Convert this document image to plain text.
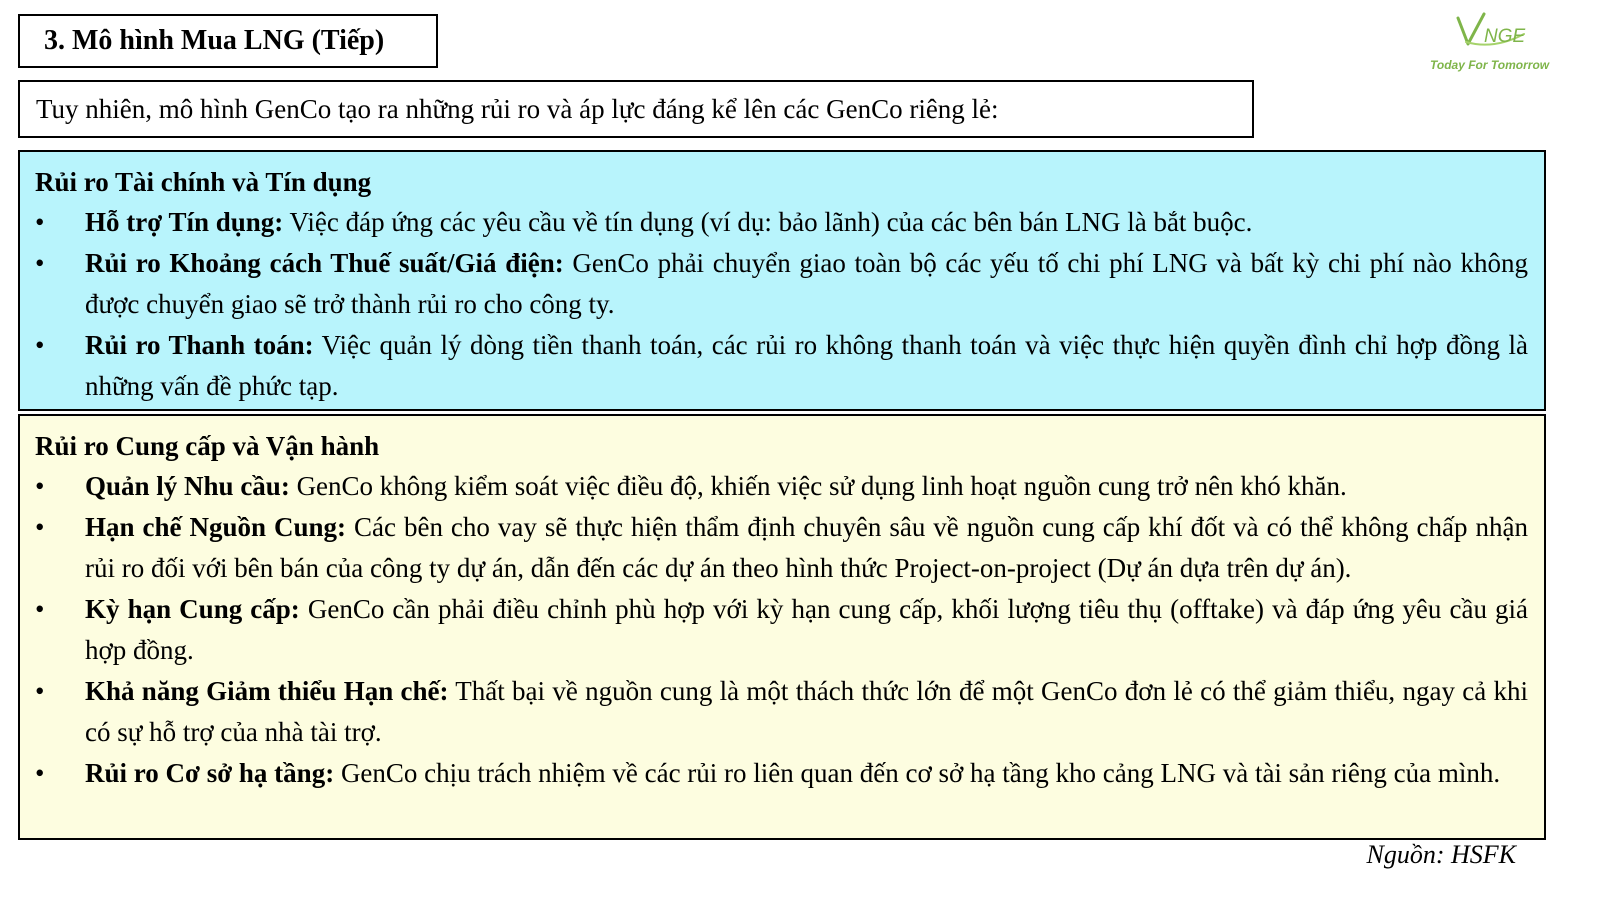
3. Mô hình Mua LNG (Tiếp)	NGE
Today For Tomorrow
Tuy nhiên, mô hình GenCo tạo ra những rủi ro và áp lực đáng kể lên các GenCo riêng lẻ:
Rủi ro Tài chính và Tín dụng
•	Hỗ trợ Tín dụng: Việc đáp ứng các yêu cầu về tín dụng (ví dụ: bảo lãnh) của các bên bán LNG là bắt buộc.
•	Rủi ro Khoảng cách Thuế suất/Giá điện: GenCo phải chuyển giao toàn bộ các yếu tố chi phí LNG và bất kỳ chi phí nào không được chuyển giao sẽ trở thành rủi ro cho công ty.
•	Rủi ro Thanh toán: Việc quản lý dòng tiền thanh toán, các rủi ro không thanh toán và việc thực hiện quyền đình chỉ hợp đồng là những vấn đề phức tạp.
Rủi ro Cung cấp và Vận hành
•	Quản lý Nhu cầu: GenCo không kiểm soát việc điều độ, khiến việc sử dụng linh hoạt nguồn cung trở nên khó khăn.
•	Hạn chế Nguồn Cung: Các bên cho vay sẽ thực hiện thẩm định chuyên sâu về nguồn cung cấp khí đốt và có thể không chấp nhận rủi ro đối với bên bán của công ty dự án, dẫn đến các dự án theo hình thức Project-on-project (Dự án dựa trên dự án).
•	Kỳ hạn Cung cấp: GenCo cần phải điều chỉnh phù hợp với kỳ hạn cung cấp, khối lượng tiêu thụ (offtake) và đáp ứng yêu cầu giá hợp đồng.
•	Khả năng Giảm thiểu Hạn chế: Thất bại về nguồn cung là một thách thức lớn để một GenCo đơn lẻ có thể giảm thiểu, ngay cả khi có sự hỗ trợ của nhà tài trợ.
•	Rủi ro Cơ sở hạ tầng: GenCo chịu trách nhiệm về các rủi ro liên quan đến cơ sở hạ tầng kho cảng LNG và tài sản riêng của mình.
Nguồn: HSFK
